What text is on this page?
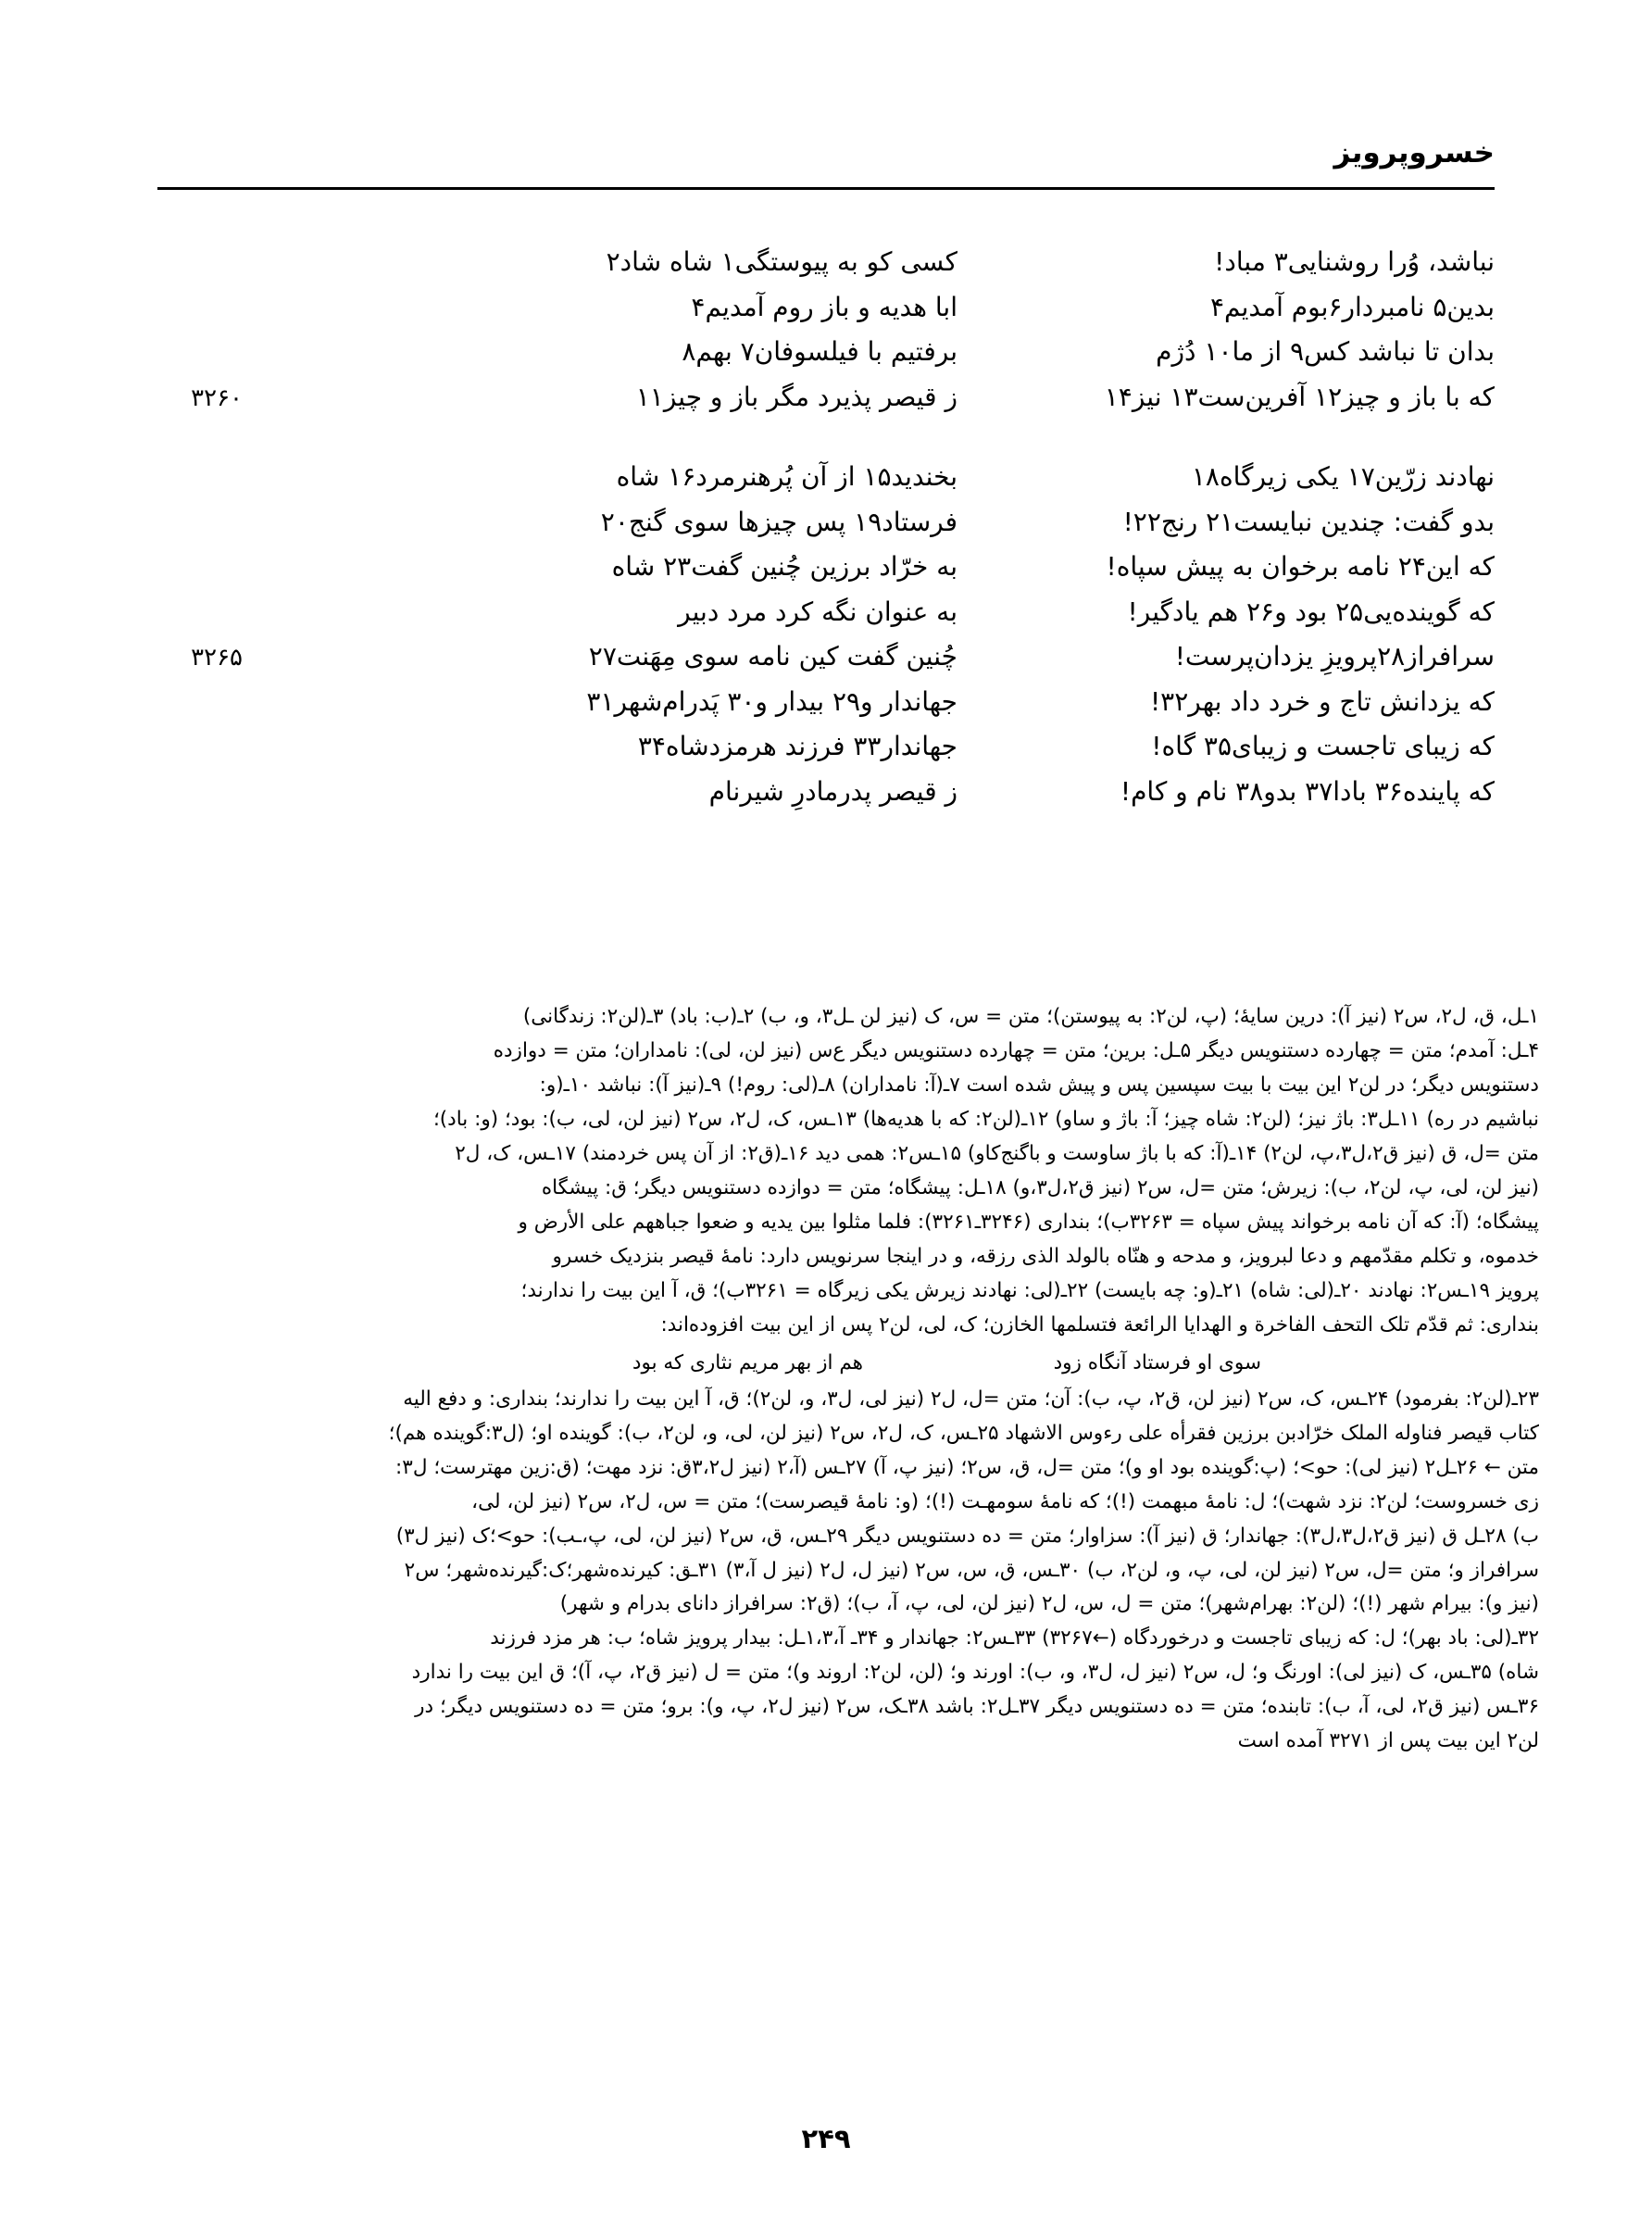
خسروپرویز
نباشد، وُرا روشنایی۳ مباد!
کسی کو به پیوستگی۱ شاه شاد۲
بدین۵ نامبردار۶بوم آمدیم۴
ابا هدیه و باز روم آمدیم۴
بدان تا نباشد کس۹ از ما۱۰ دُژم
برفتیم با فیلسوفان۷ بهم۸
که با باز و چیز۱۲ آفرین‌ست۱۳ نیز۱۴
ز قیصر پذیرد مگر باز و چیز۱۱
۳۲۶۰
نهادند زرّین۱۷ یکی زیرگاه۱۸
بخندید۱۵ از آن پُرهنرمرد۱۶ شاه
بدو گفت: چندین نبایست۲۱ رنج۲۲!
فرستاد۱۹ پس چیزها سوی گنج۲۰
که این۲۴ نامه برخوان به پیش سپاه!
به خرّاد برزین چُنین گفت۲۳ شاه
که گوینده‌یی۲۵ بود و۲۶ هم یادگیر!
به عنوان نگه کرد مرد دبیر
سرافراز۲۸پرویزِ یزدان‌پرست!
چُنین گفت کین نامه سوی مِهَنت۲۷
۳۲۶۵
که یزدانش تاج و خرد داد بهر۳۲!
جهاندار و۲۹ بیدار و۳۰ پَدرام‌شهر۳۱
که زیبای تاجست و زیبای۳۵ گاه!
جهاندار۳۳ فرزند هرمزدشاه۳۴
که پاینده۳۶ بادا۳۷ بدو۳۸ نام و کام!
ز قیصر پدرمادرِ شیرنام
۱ـل، ق، ل۲، س۲ (نیز آ): درین سایهٔ؛ (پ، لن۲: به پیوستن)؛ متن = س، ک (نیز لن ـل۳، و، ب) ۲ـ(ب: باد) ۳ـ(لن۲: زندگانی)
۴ـل: آمدم؛ متن = چهارده دستنویس دیگر ۵ـل: برین؛ متن = چهارده دستنویس دیگر ع‌س (نیز لن، لی): نامداران؛ متن = دوازده
دستنویس دیگر؛ در لن۲ این بیت با بیت سپسین پس و پیش شده است ۷ـ(آ: نامداران) ۸ـ(لی: روم!) ۹ـ(نیز آ): نباشد ۱۰ـ(و:
نباشیم در ره) ۱۱ـل۳: باژ نیز؛ (لن۲: شاه چیز؛ آ: باژ و ساو) ۱۲ـ(لن۲: که با هدیه‌ها) ۱۳ـس، ک، ل۲، س۲ (نیز لن، لی، ب): بود؛ (و: باد)؛
متن =ل، ق (نیز ق۲،ل۳،پ، لن۲) ۱۴ـ(آ: که با باژ ساوست و باگنج‌کاو) ۱۵ـس۲: همی دید ۱۶ـ(ق۲: از آن پس خردمند) ۱۷ـس، ک، ل۲
(نیز لن، لی، پ، لن۲، ب): زیرش؛ متن =ل، س۲ (نیز ق۲،ل۳،و) ۱۸ـل: پیشگاه؛ متن = دوازده دستنویس دیگر؛ ق: پیشگاه
پیشگاه؛ (آ: که آن نامه برخواند پیش سپاه = ۳۲۶۳ب)؛ بنداری (۳۲۴۶ـ۳۲۶۱): فلما مثلوا بین یدیه و ضعوا جباههم علی الأرض و
خدموه، و تکلم مقدّمهم و دعا لبرویز، و مدحه و هنّاه بالولد الذی رزقه، و در اینجا سرنویس دارد: نامهٔ قیصر بنزدیک خسرو
پرویز ۱۹ـس۲: نهادند ۲۰ـ(لی: شاه) ۲۱ـ(و: چه بایست) ۲۲ـ(لی: نهادند زیرش یکی زیرگاه = ۳۲۶۱ب)؛ ق، آ این بیت را ندارند؛
بنداری: ثم قدّم تلک التحف الفاخرة و الهدایا الرائعة فتسلمها الخازن؛ ک، لی، لن۲ پس از این بیت افزوده‌اند:
سوی او فرستاد آنگاه زود
هم از بهر مریم نثاری که بود
۲۳ـ(لن۲: بفرمود) ۲۴ـس، ک، س۲ (نیز لن، ق۲، پ، ب): آن؛ متن =ل، ل۲ (نیز لی، ل۳، و، لن۲)؛ ق، آ این بیت را ندارند؛ بنداری: و دفع الیه
کتاب قیصر فناوله الملک خرّاد‌بن برزین فقرأه علی رءوس الاشهاد ۲۵ـس، ک، ل۲، س۲ (نیز لن، لی، و، لن۲، ب): گوینده او؛ (ل۳:گوینده هم)؛
متن ← ۲۶ـل۲ (نیز لی): حو>؛ (پ:گوینده بود او و)؛ متن =ل، ق، س۲؛ (نیز پ، آ) ۲۷ـس (آ،۲ (نیز ل۳،۲ق: نزد مهت؛ (ق:زین مهترست؛ ل۳:
زی خسروست؛ لن۲: نزد شهت)؛ ل: نامهٔ مبهمت (!)؛ که نامهٔ سومهـت (!)؛ (و: نامهٔ قیصرست)؛ متن = س، ل۲، س۲ (نیز لن، لی،
ب) ۲۸ـل ق (نیز ق۲،ل۳،ل۳): جهاندار؛ ق (نیز آ): سزاوار؛ متن = ده دستنویس دیگر ۲۹ـس، ق، س۲ (نیز لن، لی، پ،ـب): حو>؛ک (نیز ل۳)
سرافراز و؛ متن =ل، س۲ (نیز لن، لی، پ، و، لن۲، ب) ۳۰ـس، ق، س، س۲ (نیز ل، ل۲ (نیز ل آ،۳) ۳۱ـق: کیرنده‌شهر؛ک:گیرنده‌شهر؛ س۲
(نیز و): بیرام شهر (!)؛ (لن۲: بهرام‌شهر)؛ متن = ل، س، ل۲ (نیز لن، لی، پ، آ، ب)؛ (ق۲: سرافراز دانای بدرام و شهر)
۳۲ـ(لی: باد بهر)؛ ل: که زیبای تاجست و درخوردگاه (←۳۲۶۷) ۳۳ـس۲: جهاندار و ۳۴ـ آ،۱،۳ـل: بیدار پرویز شاه؛ ب: هر مزد فرزند
شاه) ۳۵ـس، ک (نیز لی): اورنگ و؛ ل، س۲ (نیز ل، ل۳، و، ب): اورند و؛ (لن، لن۲: اروند و)؛ متن = ل (نیز ق۲، پ، آ)؛ ق این بیت را ندارد
۳۶ـس (نیز ق۲، لی، آ، ب): تابنده؛ متن = ده دستنویس دیگر ۳۷ـل۲: باشد ۳۸ـک، س۲ (نیز ل۲، پ، و): برو؛ متن = ده دستنویس دیگر؛ در
لن۲ این بیت پس از ۳۲۷۱ آمده است
۲۴۹
